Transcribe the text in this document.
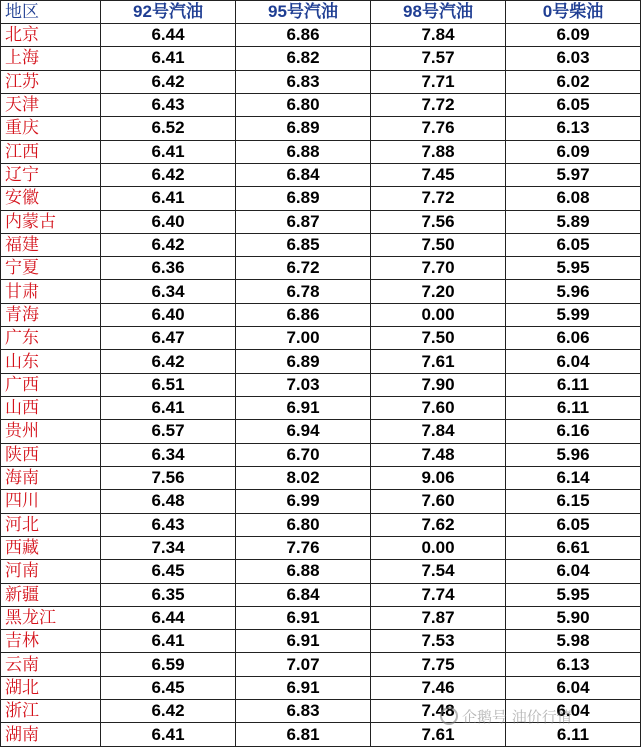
地区	92号汽油	95号汽油	98号汽油	0号柴油
北京	6.44	6.86	7.84	6.09
上海	6.41	6.82	7.57	6.03
江苏	6.42	6.83	7.71	6.02
天津	6.43	6.80	7.72	6.05
重庆	6.52	6.89	7.76	6.13
江西	6.41	6.88	7.88	6.09
辽宁	6.42	6.84	7.45	5.97
安徽	6.41	6.89	7.72	6.08
内蒙古	6.40	6.87	7.56	5.89
福建	6.42	6.85	7.50	6.05
宁夏	6.36	6.72	7.70	5.95
甘肃	6.34	6.78	7.20	5.96
青海	6.40	6.86	0.00	5.99
广东	6.47	7.00	7.50	6.06
山东	6.42	6.89	7.61	6.04
广西	6.51	7.03	7.90	6.11
山西	6.41	6.91	7.60	6.11
贵州	6.57	6.94	7.84	6.16
陕西	6.34	6.70	7.48	5.96
海南	7.56	8.02	9.06	6.14
四川	6.48	6.99	7.60	6.15
河北	6.43	6.80	7.62	6.05
西藏	7.34	7.76	0.00	6.61
河南	6.45	6.88	7.54	6.04
新疆	6.35	6.84	7.74	5.95
黑龙江	6.44	6.91	7.87	5.90
吉林	6.41	6.91	7.53	5.98
云南	6.59	7.07	7.75	6.13
湖北	6.45	6.91	7.46	6.04
浙江	6.42	6.83	7.48	6.04
湖南	6.41	6.81	7.61	6.11
企鹅号 油价行情
